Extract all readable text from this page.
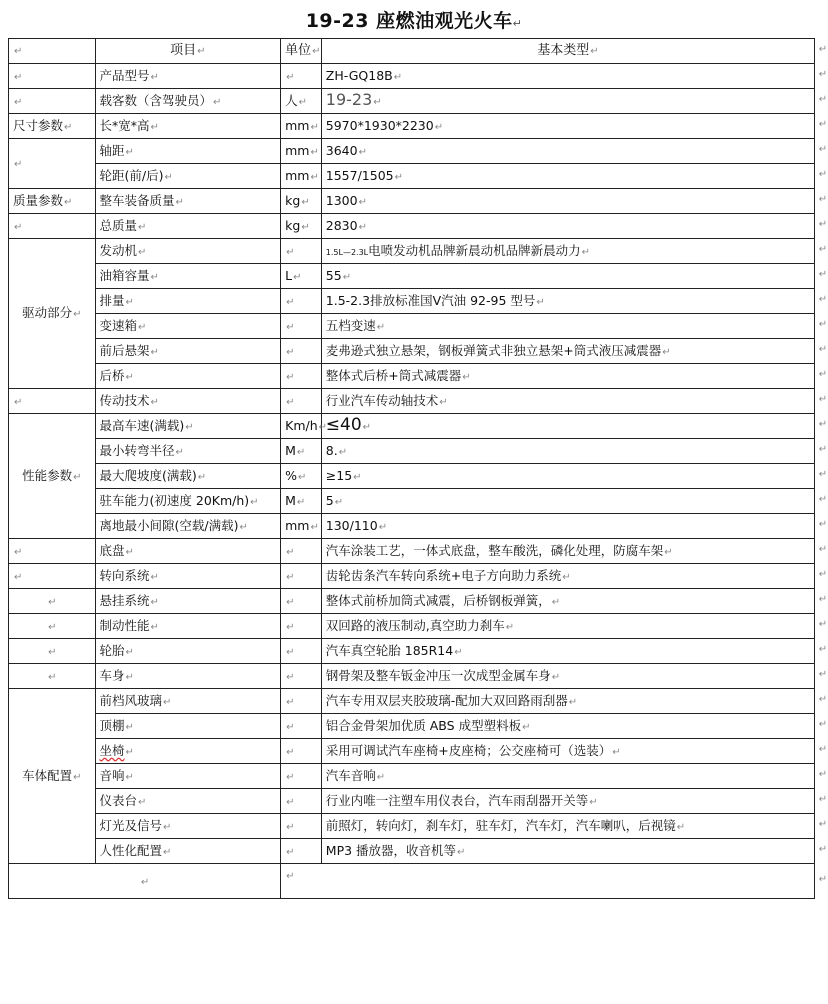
19-23 座燃油观光火车↵
↵	项目↵	单位↵	基本类型↵
↵	产品型号↵	↵	ZH-GQ18B↵
↵	载客数（含驾驶员）↵	人↵	19-23↵
尺寸参数↵	长*宽*高↵	mm↵	5970*1930*2230↵
↵	轴距↵	mm↵	3640↵
	轮距(前/后)↵	mm↵	1557/1505↵
质量参数↵	整车装备质量↵	kg↵	1300↵
↵	总质量↵	kg↵	2830↵
驱动部分↵	发动机↵	↵	1.5L—2.3L电喷发动机品牌新晨动机品牌新晨动力↵
	油箱容量↵	L↵	55↵
	排量↵	↵	1.5-2.3排放标准国Ⅴ汽油 92-95 型号↵
	变速箱↵	↵	五档变速↵
	前后悬架↵	↵	麦弗逊式独立悬架，钢板弹簧式非独立悬架+筒式液压减震器↵
	后桥↵	↵	整体式后桥+筒式减震器↵
↵	传动技术↵	↵	行业汽车传动轴技术↵
性能参数↵	最高车速(满载)↵	Km/h↵	≤40↵
	最小转弯半径↵	M↵	8.↵
	最大爬坡度(满载)↵	%↵	≥15↵
	驻车能力(初速度 20Km/h)↵	M↵	5↵
	离地最小间隙(空载/满载)↵	mm↵	130/110↵
↵	底盘↵	↵	汽车涂装工艺，一体式底盘，整车酸洗，磷化处理，防腐车架↵
↵	转向系统↵	↵	齿轮齿条汽车转向系统+电子方向助力系统↵
↵	悬挂系统↵	↵	整体式前桥加筒式减震，后桥钢板弹簧，↵
↵	制动性能↵	↵	双回路的液压制动,真空助力刹车↵
↵	轮胎↵	↵	汽车真空轮胎 185R14↵
↵	车身↵	↵	钢骨架及整车钣金冲压一次成型金属车身↵
车体配置↵	前档风玻璃↵	↵	汽车专用双层夹胶玻璃-配加大双回路雨刮器↵
	顶棚↵	↵	铝合金骨架加优质 ABS 成型塑料板↵
	坐椅↵	↵	采用可调试汽车座椅+皮座椅；公交座椅可（选装）↵
	音响↵	↵	汽车音响↵
	仪表台↵	↵	行业内唯一注塑车用仪表台，汽车雨刮器开关等↵
	灯光及信号↵	↵	前照灯，转向灯，刹车灯，驻车灯，汽车灯，汽车喇叭，后视镜↵
	人性化配置↵	↵	MP3 播放器，收音机等↵
↵		↵	
↵
↵
↵
↵
↵
↵
↵
↵
↵
↵
↵
↵
↵
↵
↵
↵
↵
↵
↵
↵
↵
↵
↵
↵
↵
↵
↵
↵
↵
↵
↵
↵
↵
↵
